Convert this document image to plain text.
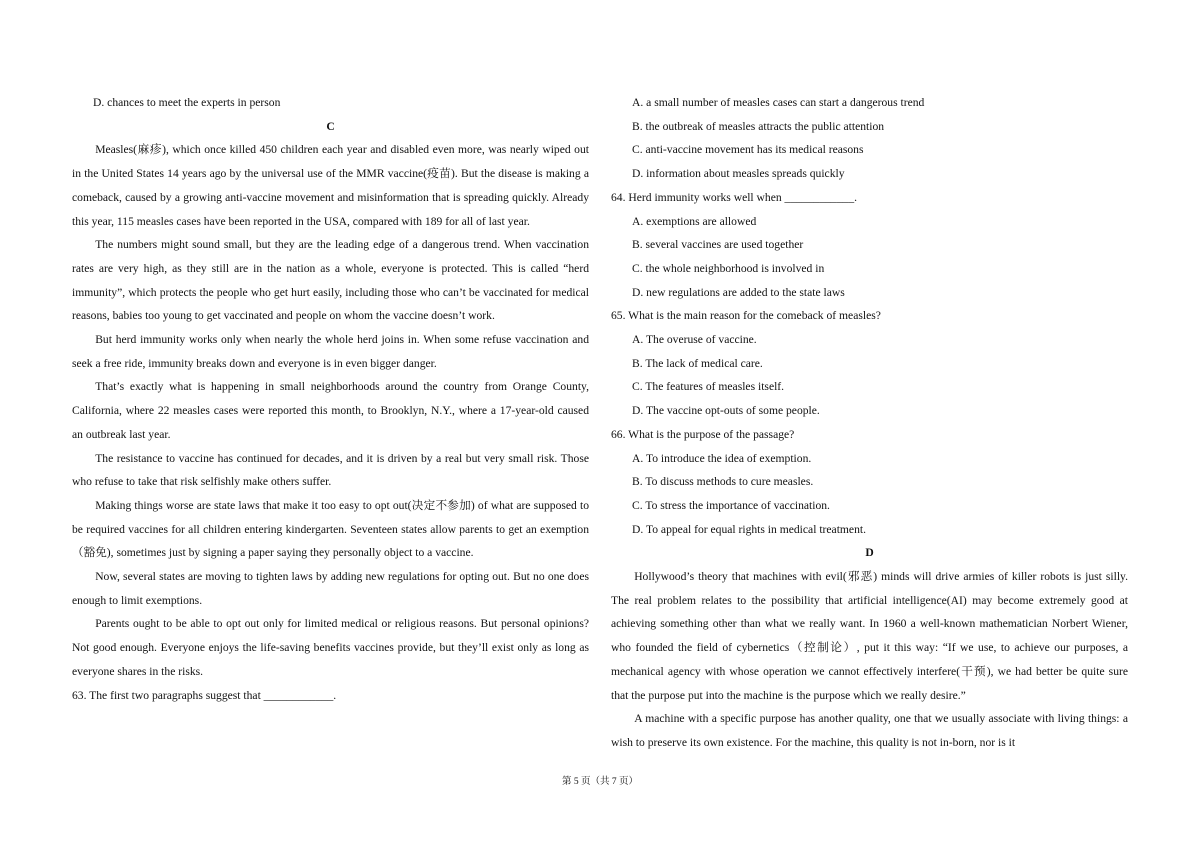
D. chances to meet the experts in person

C

Measles(麻疹), which once killed 450 children each year and disabled even more, was nearly wiped out in the United States 14 years ago by the universal use of the MMR vaccine(疫苗). But the disease is making a comeback, caused by a growing anti-vaccine movement and misinformation that is spreading quickly. Already this year, 115 measles cases have been reported in the USA, compared with 189 for all of last year.

The numbers might sound small, but they are the leading edge of a dangerous trend. When vaccination rates are very high, as they still are in the nation as a whole, everyone is protected. This is called “herd immunity”, which protects the people who get hurt easily, including those who can’t be vaccinated for medical reasons, babies too young to get vaccinated and people on whom the vaccine doesn’t work.

But herd immunity works only when nearly the whole herd joins in. When some refuse vaccination and seek a free ride, immunity breaks down and everyone is in even bigger danger.

That’s exactly what is happening in small neighborhoods around the country from Orange County, California, where 22 measles cases were reported this month, to Brooklyn, N.Y., where a 17-year-old caused an outbreak last year.

The resistance to vaccine has continued for decades, and it is driven by a real but very small risk. Those who refuse to take that risk selfishly make others suffer.

Making things worse are state laws that make it too easy to opt out(决定不参加) of what are supposed to be required vaccines for all children entering kindergarten. Seventeen states allow parents to get an exemption（豁免), sometimes just by signing a paper saying they personally object to a vaccine.

Now, several states are moving to tighten laws by adding new regulations for opting out. But no one does enough to limit exemptions.

Parents ought to be able to opt out only for limited medical or religious reasons. But personal opinions? Not good enough. Everyone enjoys the life-saving benefits vaccines provide, but they’ll exist only as long as everyone shares in the risks.

63. The first two paragraphs suggest that ____________.

A. a small number of measles cases can start a dangerous trend

B. the outbreak of measles attracts the public attention

C. anti-vaccine movement has its medical reasons

D. information about measles spreads quickly

64. Herd immunity works well when ____________.

A. exemptions are allowed

B. several vaccines are used together

C. the whole neighborhood is involved in

D. new regulations are added to the state laws

65. What is the main reason for the comeback of measles?

A. The overuse of vaccine.

B. The lack of medical care.

C. The features of measles itself.

D. The vaccine opt-outs of some people.

66. What is the purpose of the passage?

A. To introduce the idea of exemption.

B. To discuss methods to cure measles.

C. To stress the importance of vaccination.

D. To appeal for equal rights in medical treatment.

D

Hollywood’s theory that machines with evil(邪恶) minds will drive armies of killer robots is just silly. The real problem relates to the possibility that artificial intelligence(AI) may become extremely good at achieving something other than what we really want. In 1960 a well-known mathematician Norbert Wiener, who founded the field of cybernetics（控制论）, put it this way: “If we use, to achieve our purposes, a mechanical agency with whose operation we cannot effectively interfere(干预), we had better be quite sure that the purpose put into the machine is the purpose which we really desire.”

A machine with a specific purpose has another quality, one that we usually associate with living things: a wish to preserve its own existence. For the machine, this quality is not in-born, nor is it

第 5 页（共 7 页）
